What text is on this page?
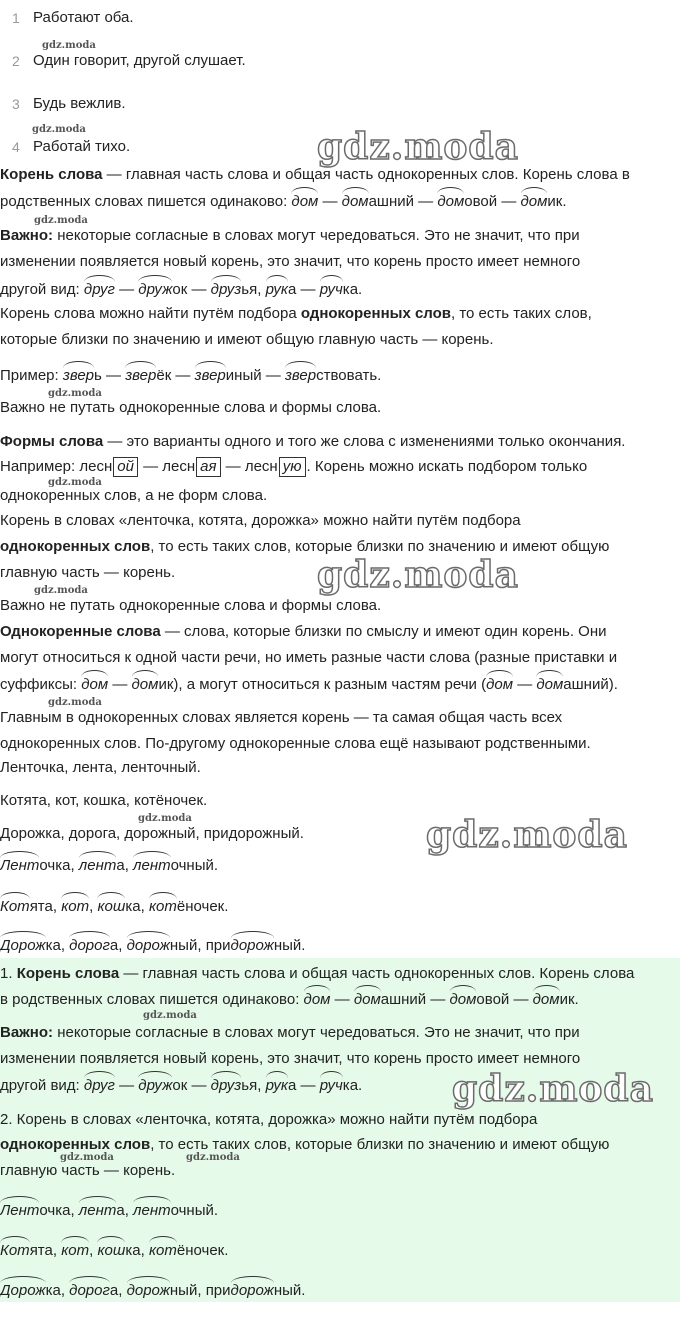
1 Работают оба.
gdz.moda
2 Один говорит, другой слушает.
3 Будь вежлив.
gdz.moda
4 Работай тихо.	gdz.moda
Корень слова — главная часть слова и общая часть однокоренных слов. Корень слова в
родственных словах пишется одинаково: дом — домашний — домовой — домик.
gdz.moda
Важно: некоторые согласные в словах могут чередоваться. Это не значит, что при
изменении появляется новый корень, это значит, что корень просто имеет немного
другой вид: друг — дружок — друзья, рука — ручка.
Корень слова можно найти путём подбора однокоренных слов, то есть таких слов,
которые близки по значению и имеют общую главную часть — корень.
Пример: зверь — зверёк — звериный — зверствовать.
gdz.moda
Важно не путать однокоренные слова и формы слова.
Формы слова — это варианты одного и того же слова с изменениями только окончания.
Например: лесн ой — лесн ая — лесн ую . Корень можно искать подбором только
gdz.moda
однокоренных слов, а не форм слова.
Корень в словах «ленточка, котята, дорожка» можно найти путём подбора
однокоренных слов, то есть таких слов, которые близки по значению и имеют общую
главную часть — корень.	gdz.moda
gdz.moda
Важно не путать однокоренные слова и формы слова.
Однокоренные слова — слова, которые близки по смыслу и имеют один корень. Они
могут относиться к одной части речи, но иметь разные части слова (разные приставки и
суффиксы: дом — домик), а могут относиться к разным частям речи (дом — домашний).
gdz.moda
Главным в однокоренных словах является корень — та самая общая часть всех
однокоренных слов. По-другому однокоренные слова ещё называют родственными.
Ленточка, лента, ленточный.
Котята, кот, кошка, котёночек.
gdz.moda
Дорожка, дорога, дорожный, придорожный.	gdz.moda
Ленточка, лента, ленточный.
Котята, кот, кошка, котёночек.
Дорожка, дорога, дорожный, придорожный.
1. Корень слова — главная часть слова и общая часть однокоренных слов. Корень слова
в родственных словах пишется одинаково: дом — домашний — домовой — домик.
gdz.moda
Важно: некоторые согласные в словах могут чередоваться. Это не значит, что при
изменении появляется новый корень, это значит, что корень просто имеет немного
другой вид: друг — дружок — друзья, рука — ручка. gdz.moda
2. Корень в словах «ленточка, котята, дорожка» можно найти путём подбора
однокоренных слов, то есть таких слов, которые близки по значению и имеют общую
gdz.moda	gdz.moda
главную часть — корень.
Ленточка, лента, ленточный.
Котята, кот, кошка, котёночек.
Дорожка, дорога, дорожный, придорожный.
